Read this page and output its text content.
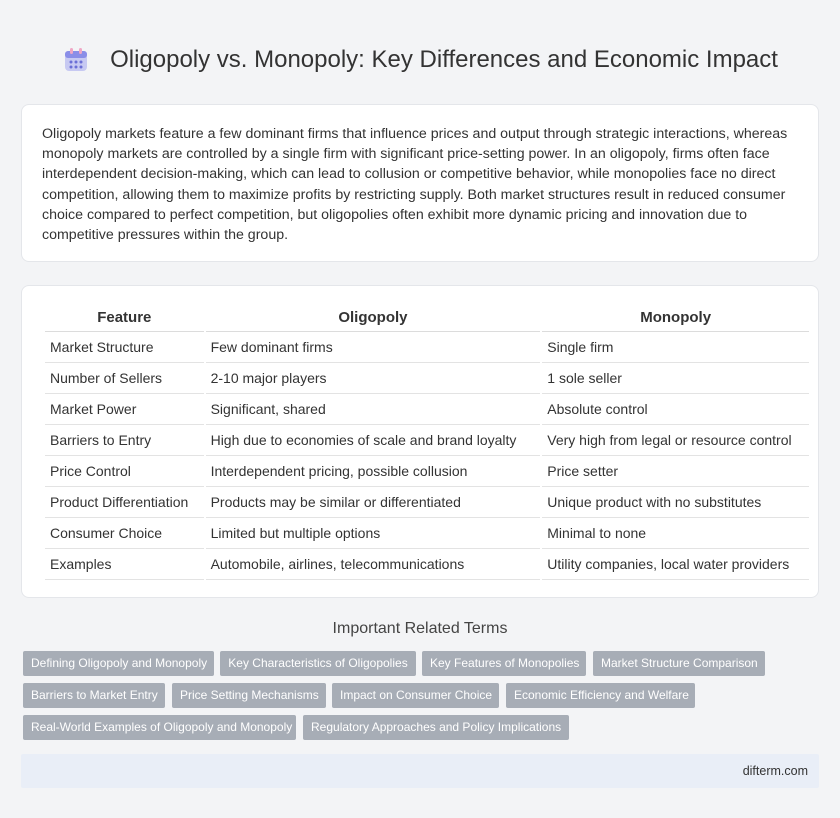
Oligopoly vs. Monopoly: Key Differences and Economic Impact

Oligopoly markets feature a few dominant firms that influence prices and output through strategic interactions, whereas monopoly markets are controlled by a single firm with significant price-setting power. In an oligopoly, firms often face interdependent decision-making, which can lead to collusion or competitive behavior, while monopolies face no direct competition, allowing them to maximize profits by restricting supply. Both market structures result in reduced consumer choice compared to perfect competition, but oligopolies often exhibit more dynamic pricing and innovation due to competitive pressures within the group.

Feature	Oligopoly	Monopoly
Market Structure	Few dominant firms	Single firm
Number of Sellers	2-10 major players	1 sole seller
Market Power	Significant, shared	Absolute control
Barriers to Entry	High due to economies of scale and brand loyalty	Very high from legal or resource control
Price Control	Interdependent pricing, possible collusion	Price setter
Product Differentiation	Products may be similar or differentiated	Unique product with no substitutes
Consumer Choice	Limited but multiple options	Minimal to none
Examples	Automobile, airlines, telecommunications	Utility companies, local water providers
Important Related Terms
Defining Oligopoly and Monopoly	Key Characteristics of Oligopolies	Key Features of Monopolies	Market Structure Comparison
Barriers to Market Entry	Price Setting Mechanisms	Impact on Consumer Choice	Economic Efficiency and Welfare
Real-World Examples of Oligopoly and Monopoly	Regulatory Approaches and Policy Implications
difterm.com
